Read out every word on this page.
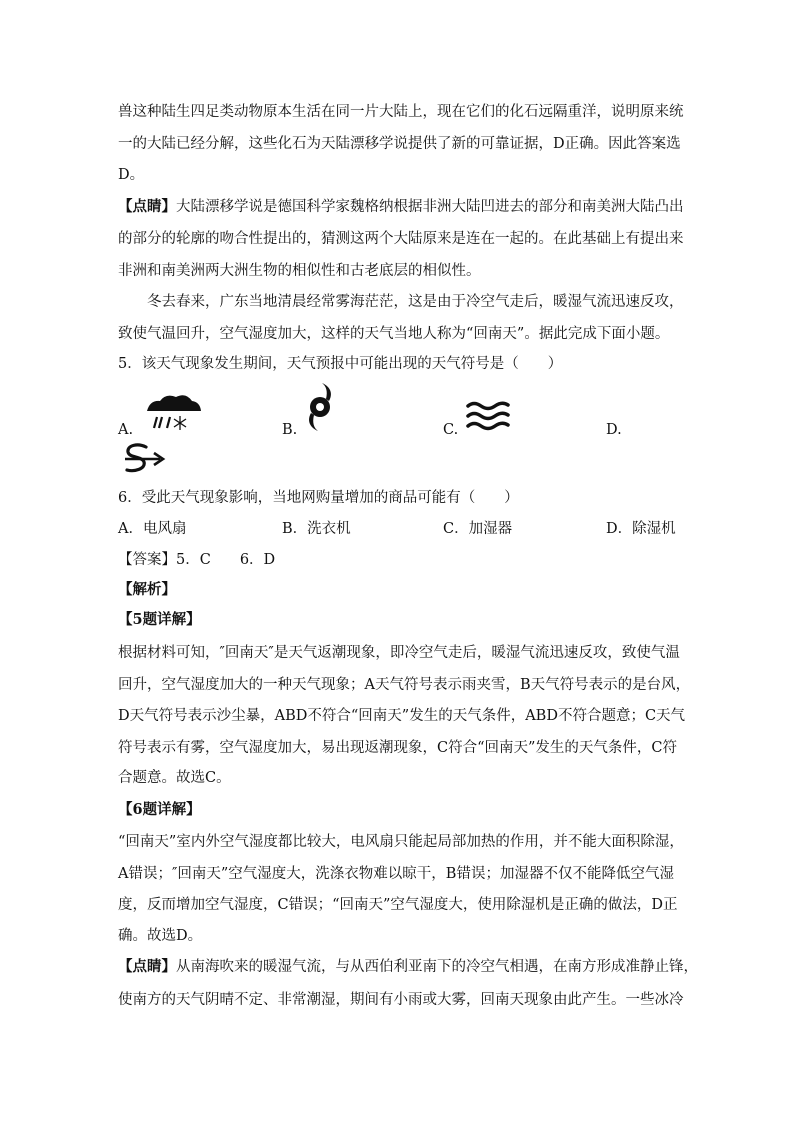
兽这种陆生四足类动物原本生活在同一片大陆上，现在它们的化石远隔重洋，说明原来统
一的大陆已经分解，这些化石为天陆漂移学说提供了新的可靠证据，D正确。因此答案选
D。
【点睛】大陆漂移学说是德国科学家魏格纳根据非洲大陆凹进去的部分和南美洲大陆凸出
的部分的轮廓的吻合性提出的，猜测这两个大陆原来是连在一起的。在此基础上有提出来
非洲和南美洲两大洲生物的相似性和古老底层的相似性。
冬去春来，广东当地清晨经常雾海茫茫，这是由于冷空气走后，暖湿气流迅速反攻，
致使气温回升，空气湿度加大，这样的天气当地人称为“回南天”。据此完成下面小题。
5．该天气现象发生期间，天气预报中可能出现的天气符号是（　　）
A.	B.	C.	D.
6．受此天气现象影响，当地网购量增加的商品可能有（　　）
A．电风扇	B．洗衣机	C．加湿器	D．除湿机
【答案】5．C　　6．D
【解析】
【5题详解】
根据材料可知，″回南天″是天气返潮现象，即冷空气走后，暖湿气流迅速反攻，致使气温
回升，空气湿度加大的一种天气现象；A天气符号表示雨夹雪，B天气符号表示的是台风，
D天气符号表示沙尘暴，ABD不符合“回南天”发生的天气条件，ABD不符合题意；C天气
符号表示有雾，空气湿度加大，易出现返潮现象，C符合“回南天”发生的天气条件，C符
合题意。故选C。
【6题详解】
“回南天”室内外空气湿度都比较大，电风扇只能起局部加热的作用，并不能大面积除湿，
A错误；″回南天”空气湿度大，洗涤衣物难以晾干，B错误；加湿器不仅不能降低空气湿
度，反而增加空气湿度，C错误；“回南天”空气湿度大，使用除湿机是正确的做法，D正
确。故选D。
【点睛】从南海吹来的暖湿气流，与从西伯利亚南下的冷空气相遇，在南方形成准静止锋，
使南方的天气阴晴不定、非常潮湿，期间有小雨或大雾，回南天现象由此产生。一些冰冷
